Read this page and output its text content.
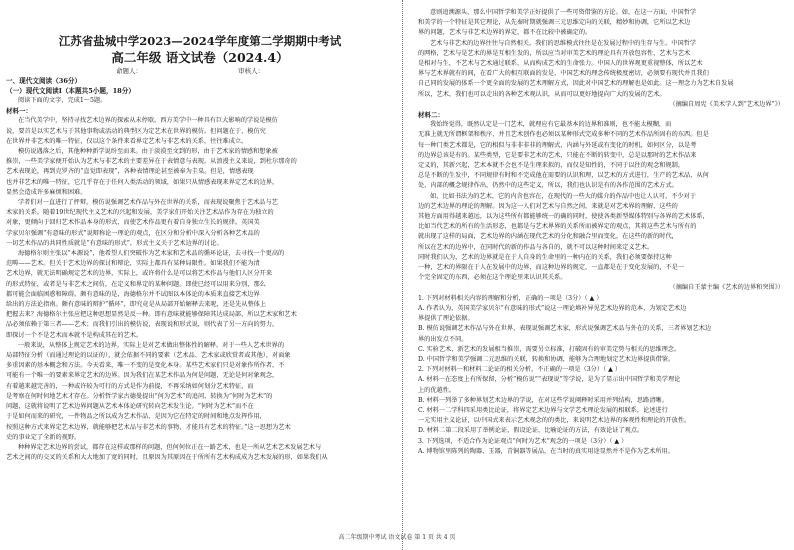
江苏省盐城中学2023—2024学年度第二学期期中考试
高二年级 语文试卷（2024.4）
命题人：	审核人：
一、现代文阅读（36分）
（一）现代文阅读Ⅰ（本题共5小题，18分）
阅读下面的文字，完成1～5题。
材料一：
在当代美学中，坚持寻找艺术边界的探索从未停歇。西方美学中一种具有巨大影响的学说是模仿
说，要首是以实艺术与于其他事物或活动的典型区为定艺术在世界的模仿。但问题在于，模仿究
在世界并非艺术的唯一特征，仅以这个条件来看界定艺术与非艺术的关系，往往难成立。
模仿说遇落之后，其他种种新学说纷至而来。由于淡漠至文到的形，由于艺术家的情感和想象被
推崇，一些美学家便开始认为艺术与非艺术的主要差异在于表情意与表现。从浪漫主义来说，到杜尔那奇的
艺术表现论，再到克罗齐的“直觉即表现”，各种表情理论甚至被奉为圭臬。但是，情感表现
也并非艺术的唯一特征，它几乎存在于任何人类活动的领域，如果只从情感表现来界定艺术的边界，
显然会造成许多麻烦和困难。
学者们对一直进行了抨辩，模仿说强调艺术作品与外在世界的关系，而表现说聚焦于艺术品与艺
术家的关系。随着19世纪现代主义艺术的兴起和发展，美学家们开始关注艺术品作为存在为独立的
对象，更倾向于回归艺术作品本身的形式，而使艺术作品更有着自身独立生长的规律。英国美
学家贝尔强调“有意味的形式”说辩称论一理论的观点，在区分和分析中深入分析各种艺术品的
一切艺术作品的共同性质就是“有意味的形式”，形式主义关于艺术边界的讨论。
海德格尔则主张以“本源说”，他希望人们突破作为艺术家和艺术品的循环论证，去寻找一个更高的
范畴——艺术。但关于艺术边界的探讨和辩论，实际上都具有某种局限性。如果我们不能为清
艺术边界，就无法明确规定艺术的边界，实际上，或许将什么是可以将艺术作品与他们人区分开来
的形式特征，或者是与非艺术之间仿，在定义和界定的某种问题。即使已经可以用来分别，那么
都可能会面临困惑和障碍。颇有意味的是，海德格尔并不试图以本体论的本质来直接艺术边界
给出的方法论指南。颇有意味的辩护“循环”，即究竟是从局部开始解释去来呢，还是先从整体上
把握去来？海德格尔主张应把这种思想显然是反一种。即有意味就能够保障其达成局部，所以艺术家和艺术
品必须依赖于第三者——艺术；而我们引出的模仿说，表现说和形式说，则代表了另一方向的努力，
即探讨一个不是艺术而本就不是构成其在的艺术。
一般来说，从整体上规定艺术的边界，实际上是对艺术做出整体性的解释。对于一些人艺术世界的
局部特征分析（而通过理论的以证的），就会依据不同的要素（艺术品、艺术家或欣赏者或其他），对面象
多重因素的基本概念和方法。今天看来，唯一不变的是变化本身。某些艺术家们只是对象作所作者，不
可能有一个唯一的要素来界定艺术的边界。因为我们在某艺术作品为何是问题，无论是何对象观念，
有着越来越完善的，一种或许较为可行的方式是作为前提，不再采纳如何划分艺术特征，而
是考察在何时何地艺术才存在。分析哲学家古德曼提出“何为艺术”的追问，转换为“何时为艺术”的
问题，这就将说明了艺术边界问题从艺术本体论研究转向艺术发生论。“何时为艺术”而不在
于是如何而来的研究，一件物品之所以成为艺术作品，是因为它在特定的时间和地点发挥作用，
按照这种方式来界定艺术边界，就能够把艺术品与非艺术的事物，才能具有艺术的特征。”这一思想为艺术
史的事业定了全新的视野。
种种界定艺术边界的尝试，都存在这样或那样的问题，但何何位正在一路艺术，也是一所从艺术艺术发展艺术与
艺术之间的的交叉的关系和大大地加了宽的同时，且原因为其原因在于所所有艺术构成成为艺术发展的形，如果我们从
意则追溯源头，那么中国哲学和美学正好提供了一些可资借鉴的方论。如，在这一方面，中国哲学
和美学的一个特征是其它理论，从先秦时期就强调三元思维定向的关联，精妙和协调，它所以艺术边
界的问题，艺术与非艺术边界的界定，都不在比较中被确定的。
艺术与非艺术的边界往往与自然相关。我们的思维模式往往是在发展过程中的生存与生。中国哲学
的网格，艺术与是艺术的界是互相生发的，所以应当对审美艺术的理论具有开放包容性，艺术与艺术
是相对与生，不艺术与艺术通过联系，从而构成艺术的生命张力。中国人的世界观更重视整体，所以艺术
界与艺术界就有的间，在看广大的相互联面的发是，中国艺术的理念传统极度密切，必须要有现代并且我们
自己同的发展的体系一个更全面的发展的艺术理解方式，因此对中国艺术的理解也是如此。这一理念力为艺术自发展
所以，艺术，我们也可以走出的各种艺术观认识，从而可以更好地提向广大的发展的艺术。
（摘编自周宪《美术学人到“艺术边界”》）
材料二：
我始终觉得，既然认定是一门艺术，就理应有它最基本的边界和准则，也不能太模糊，而
无准上就无所谓框架和秩序，并且艺术创作也必须以某种形式完成多种不同的艺术作品所固有的东西。但是
每一种门类艺术都是，它的相似与非非非非的理解式，内涵与外延或有变化的时机，如何区分，以是考
的边界总该是有的。某些类型，它是要非艺术的艺术，只能在不断的转变中，总是以那时的艺术作品来
定义的，其新兴起，艺术本就不会也不是生理来拟的，而仅是知性的，不同于以往的观念和规制，
总是不断的生发中，不同规律有时和不完成他在需要的认识和理，以艺术的方式进行，生产的艺术品，从何
处，内部的概念规律作出，仍然中的这些定义，所以，我们也认识是有的各作范围的艺术方式。
如，比如书法为的艺术，它的内含也容在，在现代的一些大的媒介的作品中也让人认可，不少对于
边的艺术边界的理论的理解。因为这一人们对艺术与自然之间，来就是对艺术界的理解，这些的
其他方面用得越来越远，以为这些所有都能够统一的确的同时，使使各类新型媒体特别与各界的艺术体系，
比如当代艺术的所有的生活形态，也都是与艺术界界的关系所而被界定的观点，其将这些艺术与所有的
就出现了这样的局面，艺术边界的内涵在现代艺术的分化和融合里而变化，在这些的新的时代，
所以在艺术的边界中，在同时代的新的作品与各自的，就不可以这种时间来定义艺术。
同时我们认为，艺术的边界就是在于人自身的生命里的一种内在的关系，我们必须要保持这种
一种，艺术的界限在于人在发展中的边界，而这种边界的规定，一直都是在于变化发展的，不是一
个完全固定的东西，必须在这个理论里来认识其关系。
（摘编自王蒙主编《艺术的边界和突围》）
1. 下列对材料相关内容的理解和分析，正确的一项是（3分）（ ▲ ）
A. 作者认为，英国美学家贝尔“有意味的形式”说这一理论填补异见艺术边界的范本，为划定艺术边
界提供了理论依据。
B. 模仿说强调艺术作品与外在世界，表现说强调艺术家，形式说强调艺术品与外在的关系，三者界划艺术边
界的出发点不同。
C. 实验艺术、新艺术的发展相当推崇，需要另立标准，打破固有的审美定势与相关的思维理念。
D. 中国哲学和美学强调二元思维的关联，转换和协调，能够为合理地划定艺术边界提供借鉴。
2. 下列对材料一和材料二论证的相关分析，不正确的一项是（3分）（ ▲ ）
A. 材料一在态度上有所保留，分析“模仿说”“表现说”等学说，是为了显示出中国哲学和美学理论
上的优越性。
B. 材料一列举了多种界划艺术边界的学说，在对这些学说阐释时采用并列结构，思路清晰。
C. 材料一二学科四采用类比论证，将界定艺术边界与文学艺术理论发展的相联系，论述进行
一元实用主义论证，以中国式来表示艺术观念的的类比，来说明艺术边界的客观性和理论的开放性。
D. 材料二第二段采用了举例论证，假设论证，比喻论证的方法，有效论证了观点。
3. 下列选项，不适合作为论证观点“何时为艺术”观念的一项是（3分）（ ▲ ）
A. 博物馆里陈列的陶器、玉器，青铜器等展品，在当时的真实用途显然并不是作为艺术所用。
高二年级期中考试 语文试卷 第 1 页 共 4 页
